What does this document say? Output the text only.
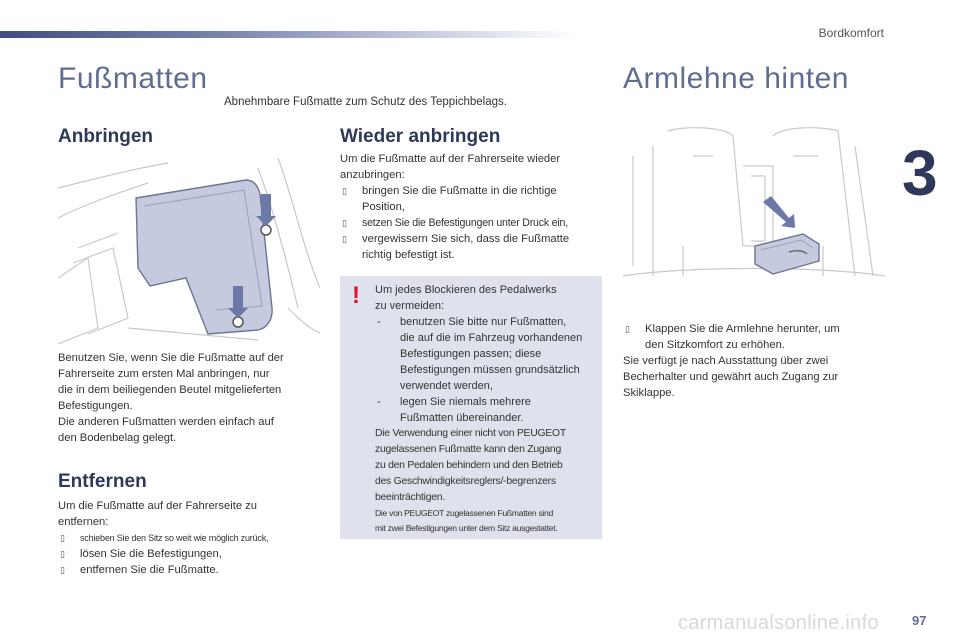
Bordkomfort
3
Fußmatten
Abnehmbare Fußmatte zum Schutz des Teppichbelags.
Anbringen

Benutzen Sie, wenn Sie die Fußmatte auf der

Fahrerseite zum ersten Mal anbringen, nur

die in dem beiliegenden Beutel mitgelieferten

Befestigungen.

Die anderen Fußmatten werden einfach auf

den Bodenbelag gelegt.

Entfernen

Um die Fußmatte auf der Fahrerseite zu

entfernen:

▯ schieben Sie den Sitz so weit wie möglich zurück,
▯ lösen Sie die Befestigungen,
▯ entfernen Sie die Fußmatte.
Wieder anbringen

Um die Fußmatte auf der Fahrerseite wieder

anzubringen:

▯ bringen Sie die Fußmatte in die richtige
Position,
▯ setzen Sie die Befestigungen unter Druck ein,
▯ vergewissern Sie sich, dass die Fußmatte
richtig befestigt ist.
! Um jedes Blockieren des Pedalwerks

zu vermeiden:

- benutzen Sie bitte nur Fußmatten,

die auf die im Fahrzeug vorhandenen

Befestigungen passen; diese

Befestigungen müssen grundsätzlich

verwendet werden,

- legen Sie niemals mehrere

Fußmatten übereinander.

Die Verwendung einer nicht von PEUGEOT

zugelassenen Fußmatte kann den Zugang

zu den Pedalen behindern und den Betrieb

des Geschwindigkeitsreglers/-begrenzers

beeinträchtigen.

Die von PEUGEOT zugelassenen Fußmatten sind

mit zwei Befestigungen unter dem Sitz ausgestattet.

Armlehne hinten
▯ Klappen Sie die Armlehne herunter, um
den Sitzkomfort zu erhöhen.

Sie verfügt je nach Ausstattung über zwei

Becherhalter und gewährt auch Zugang zur

Skiklappe.

carmanualsonline.info	97
